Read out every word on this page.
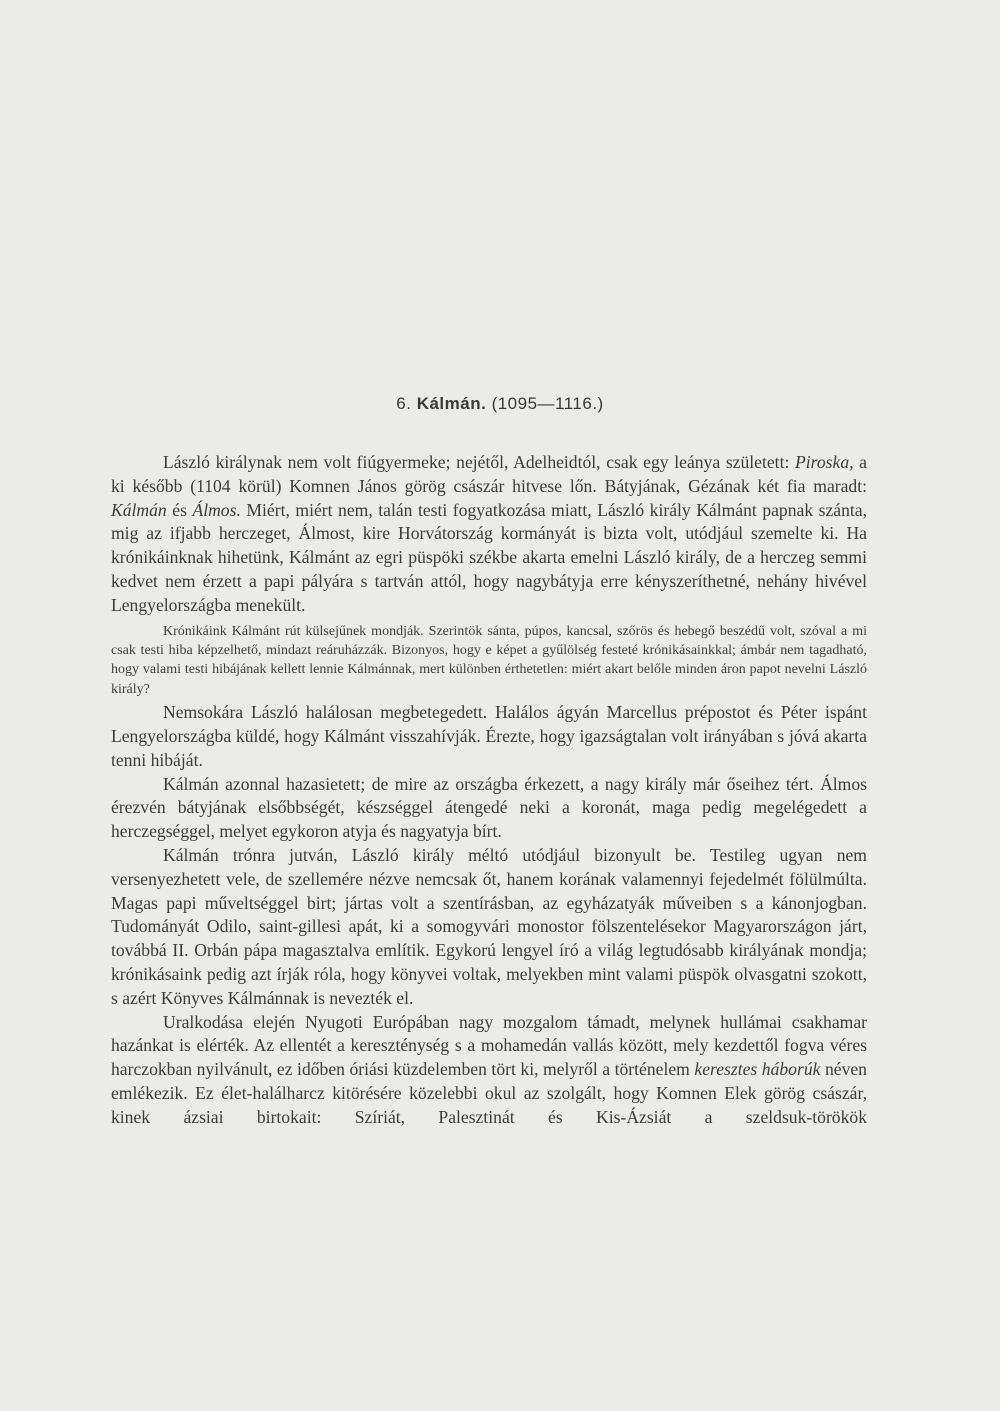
6. Kálmán. (1095—1116.)

László királynak nem volt fiúgyermeke; nejétől, Adelheidtól, csak egy leánya született: Piroska, a ki később (1104 körül) Komnen János görög császár hitvese lőn. Bátyjának, Gézának két fia maradt: Kálmán és Álmos. Miért, miért nem, talán testi fogyatkozása miatt, László király Kálmánt papnak szánta, mig az ifjabb herczeget, Álmost, kire Horvátország kormányát is bizta volt, utódjául szemelte ki. Ha krónikáinknak hihetünk, Kálmánt az egri püspöki székbe akarta emelni László király, de a herczeg semmi kedvet nem érzett a papi pályára s tartván attól, hogy nagybátyja erre kényszeríthetné, nehány hivével Lengyelországba menekült.

Krónikáink Kálmánt rút külsejűnek mondják. Szerintök sánta, púpos, kancsal, szőrös és hebegő beszédű volt, szóval a mi csak testi hiba képzelhető, mindazt reáruházzák. Bizonyos, hogy e képet a gyűlölség festeté krónikásainkkal; ámbár nem tagadható, hogy valami testi hibájának kellett lennie Kálmánnak, mert különben érthetetlen: miért akart belőle minden áron papot nevelni László király?

Nemsokára László halálosan megbetegedett. Halálos ágyán Marcellus prépostot és Péter ispánt Lengyelországba küldé, hogy Kálmánt visszahívják. Érezte, hogy igazságtalan volt irányában s jóvá akarta tenni hibáját.

Kálmán azonnal hazasietett; de mire az országba érkezett, a nagy király már őseihez tért. Álmos érezvén bátyjának elsőbbségét, készséggel átengedé neki a koronát, maga pedig megelégedett a herczegséggel, melyet egykoron atyja és nagyatyja bírt.

Kálmán trónra jutván, László király méltó utódjául bizonyult be. Testileg ugyan nem versenyezhetett vele, de szellemére nézve nemcsak őt, hanem korának valamennyi fejedelmét fölülmúlta. Magas papi műveltséggel birt; jártas volt a szentírásban, az egyházatyák műveiben s a kánonjogban. Tudományát Odilo, saint-gillesi apát, ki a somogyvári monostor fölszentelésekor Magyarországon járt, továbbá II. Orbán pápa magasztalva említik. Egykorú lengyel író a világ legtudósabb királyának mondja; krónikásaink pedig azt írják róla, hogy könyvei voltak, melyekben mint valami püspök olvasgatni szokott, s azért Könyves Kálmánnak is nevezték el.

Uralkodása elején Nyugoti Európában nagy mozgalom támadt, melynek hullámai csakhamar hazánkat is elérték. Az ellentét a kereszténység s a mohamedán vallás között, mely kezdettől fogva véres harczokban nyilvánult, ez időben óriási küzdelemben tört ki, melyről a történelem keresztes háborúk néven emlékezik. Ez élet-halálharcz kitörésére közelebbi okul az szolgált, hogy Komnen Elek görög császár, kinek ázsiai birtokait: Szíriát, Palesztinát és Kis-Ázsiát a szeldsuk-törökök
